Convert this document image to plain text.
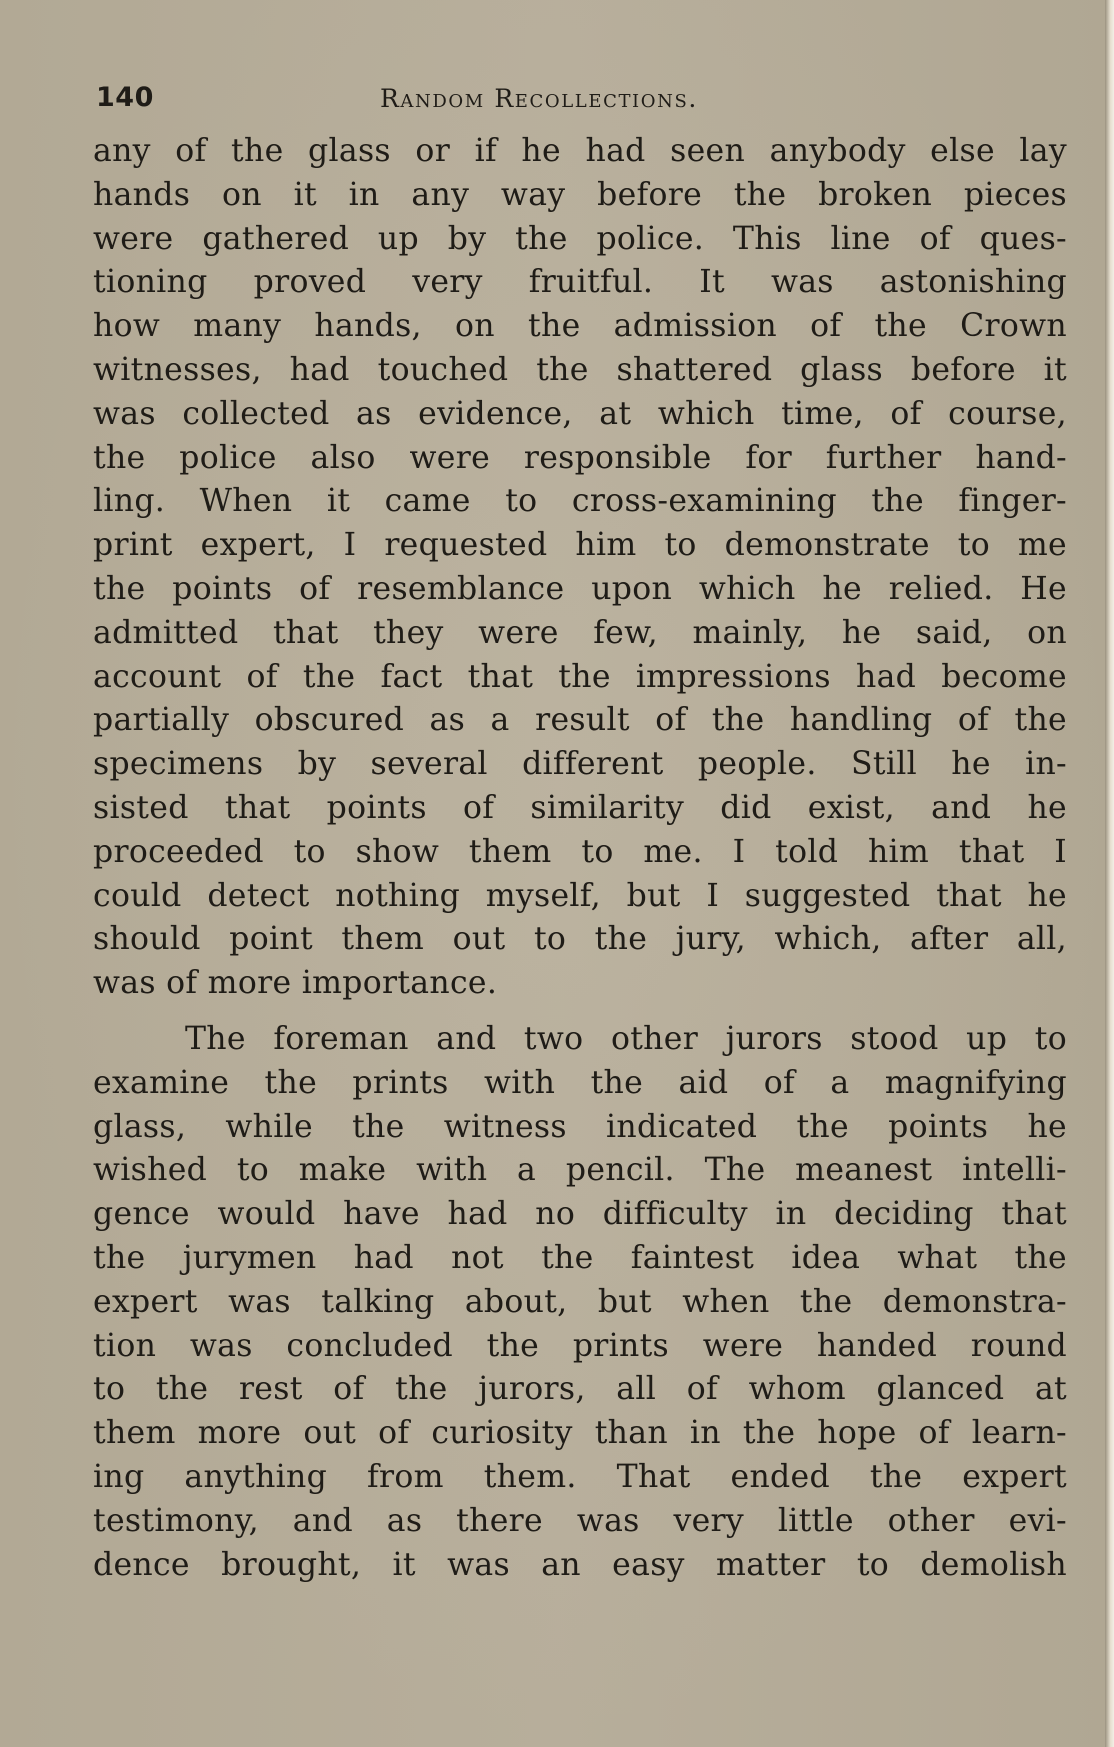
140	Random Recollections.
any of the glass or if he had seen anybody else lay
hands on it in any way before the broken pieces
were gathered up by the police. This line of ques-
tioning proved very fruitful. It was astonishing
how many hands, on the admission of the Crown
witnesses, had touched the shattered glass before it
was collected as evidence, at which time, of course,
the police also were responsible for further hand-
ling. When it came to cross-examining the finger-
print expert, I requested him to demonstrate to me
the points of resemblance upon which he relied. He
admitted that they were few, mainly, he said, on
account of the fact that the impressions had become
partially obscured as a result of the handling of the
specimens by several different people. Still he in-
sisted that points of similarity did exist, and he
proceeded to show them to me. I told him that I
could detect nothing myself, but I suggested that he
should point them out to the jury, which, after all,
was of more importance.
The foreman and two other jurors stood up to
examine the prints with the aid of a magnifying
glass, while the witness indicated the points he
wished to make with a pencil. The meanest intelli-
gence would have had no difficulty in deciding that
the jurymen had not the faintest idea what the
expert was talking about, but when the demonstra-
tion was concluded the prints were handed round
to the rest of the jurors, all of whom glanced at
them more out of curiosity than in the hope of learn-
ing anything from them. That ended the expert
testimony, and as there was very little other evi-
dence brought, it was an easy matter to demolish
